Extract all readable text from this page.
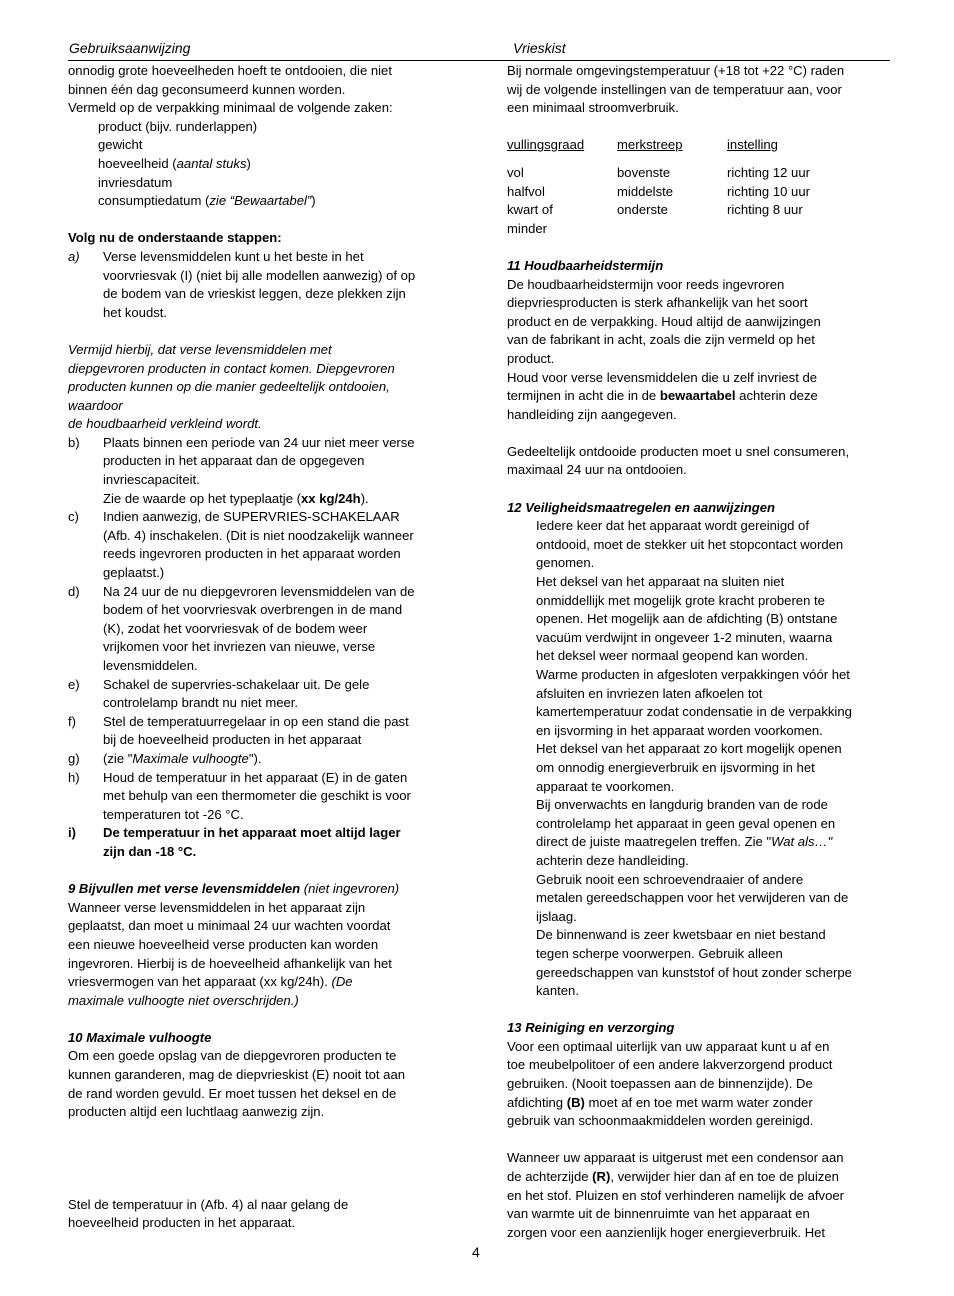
Gebruiksaanwijzing	Vrieskist

onnodig grote hoeveelheden hoeft te ontdooien, die niet

binnen één dag geconsumeerd kunnen worden.

Vermeld op de verpakking minimaal de volgende zaken:

product (bijv. runderlappen)

gewicht

hoeveelheid (aantal stuks)

invriesdatum

consumptiedatum (zie “Bewaartabel”)

Volg nu de onderstaande stappen:

a)	Verse levensmiddelen kunt u het beste in het

voorvriesvak (I) (niet bij alle modellen aanwezig) of op

de bodem van de vrieskist leggen, deze plekken zijn

het koudst.

Vermijd hierbij, dat verse levensmiddelen met

diepgevroren producten in contact komen. Diepgevroren

producten kunnen op die manier gedeeltelijk ontdooien,

waardoor

de houdbaarheid verkleind wordt.

b)	Plaats binnen een periode van 24 uur niet meer verse

producten in het apparaat dan de opgegeven

invriescapaciteit.

Zie de waarde op het typeplaatje (xx kg/24h).

c)	Indien aanwezig, de SUPERVRIES-SCHAKELAAR

(Afb. 4) inschakelen. (Dit is niet noodzakelijk wanneer

reeds ingevroren producten in het apparaat worden

geplaatst.)

d)	Na 24 uur de nu diepgevroren levensmiddelen van de

bodem of het voorvriesvak overbrengen in de mand

(K), zodat het voorvriesvak of de bodem weer

vrijkomen voor het invriezen van nieuwe, verse

levensmiddelen.

e)	Schakel de supervries-schakelaar uit. De gele

controlelamp brandt nu niet meer.

f)	Stel de temperatuurregelaar in op een stand die past

bij de hoeveelheid producten in het apparaat

g)	(zie "Maximale vulhoogte").

h)	Houd de temperatuur in het apparaat (E) in de gaten

met behulp van een thermometer die geschikt is voor

temperaturen tot -26 °C.

i)	De temperatuur in het apparaat moet altijd lager

zijn dan -18 °C.

9 Bijvullen met verse levensmiddelen (niet ingevroren)

Wanneer verse levensmiddelen in het apparaat zijn

geplaatst, dan moet u minimaal 24 uur wachten voordat

een nieuwe hoeveelheid verse producten kan worden

ingevroren. Hierbij is de hoeveelheid afhankelijk van het

vriesvermogen van het apparaat (xx kg/24h). (De

maximale vulhoogte niet overschrijden.)

10 Maximale vulhoogte

Om een goede opslag van de diepgevroren producten te

kunnen garanderen, mag de diepvrieskist (E) nooit tot aan

de rand worden gevuld. Er moet tussen het deksel en de

producten altijd een luchtlaag aanwezig zijn.

Stel de temperatuur in (Afb. 4) al naar gelang de

hoeveelheid producten in het apparaat.

Bij normale omgevingstemperatuur (+18 tot +22 °C) raden

wij de volgende instellingen van de temperatuur aan, voor

een minimaal stroomverbruik.

vullingsgraad	merkstreep	instelling
vol	bovenste	richting 12 uur
halfvol	middelste	richting 10 uur
kwart of	onderste	richting 8 uur
minder

11 Houdbaarheidstermijn

De houdbaarheidstermijn voor reeds ingevroren

diepvriesproducten is sterk afhankelijk van het soort

product en de verpakking. Houd altijd de aanwijzingen

van de fabrikant in acht, zoals die zijn vermeld op het

product.

Houd voor verse levensmiddelen die u zelf invriest de

termijnen in acht die in de bewaartabel achterin deze

handleiding zijn aangegeven.

Gedeeltelijk ontdooide producten moet u snel consumeren,

maximaal 24 uur na ontdooien.

12 Veiligheidsmaatregelen en aanwijzingen

Iedere keer dat het apparaat wordt gereinigd of

ontdooid, moet de stekker uit het stopcontact worden

genomen.

Het deksel van het apparaat na sluiten niet

onmiddellijk met mogelijk grote kracht proberen te

openen. Het mogelijk aan de afdichting (B) ontstane

vacuüm verdwijnt in ongeveer 1-2 minuten, waarna

het deksel weer normaal geopend kan worden.

Warme producten in afgesloten verpakkingen vóór het

afsluiten en invriezen laten afkoelen tot

kamertemperatuur zodat condensatie in de verpakking

en ijsvorming in het apparaat worden voorkomen.

Het deksel van het apparaat zo kort mogelijk openen

om onnodig energieverbruik en ijsvorming in het

apparaat te voorkomen.

Bij onverwachts en langdurig branden van de rode

controlelamp het apparaat in geen geval openen en

direct de juiste maatregelen treffen. Zie "Wat als…"

achterin deze handleiding.

Gebruik nooit een schroevendraaier of andere

metalen gereedschappen voor het verwijderen van de

ijslaag.

De binnenwand is zeer kwetsbaar en niet bestand

tegen scherpe voorwerpen. Gebruik alleen

gereedschappen van kunststof of hout zonder scherpe

kanten.

13 Reiniging en verzorging

Voor een optimaal uiterlijk van uw apparaat kunt u af en

toe meubelpolitoer of een andere lakverzorgend product

gebruiken. (Nooit toepassen aan de binnenzijde). De

afdichting (B) moet af en toe met warm water zonder

gebruik van schoonmaakmiddelen worden gereinigd.

Wanneer uw apparaat is uitgerust met een condensor aan

de achterzijde (R), verwijder hier dan af en toe de pluizen

en het stof. Pluizen en stof verhinderen namelijk de afvoer

van warmte uit de binnenruimte van het apparaat en

zorgen voor een aanzienlijk hoger energieverbruik. Het

4
